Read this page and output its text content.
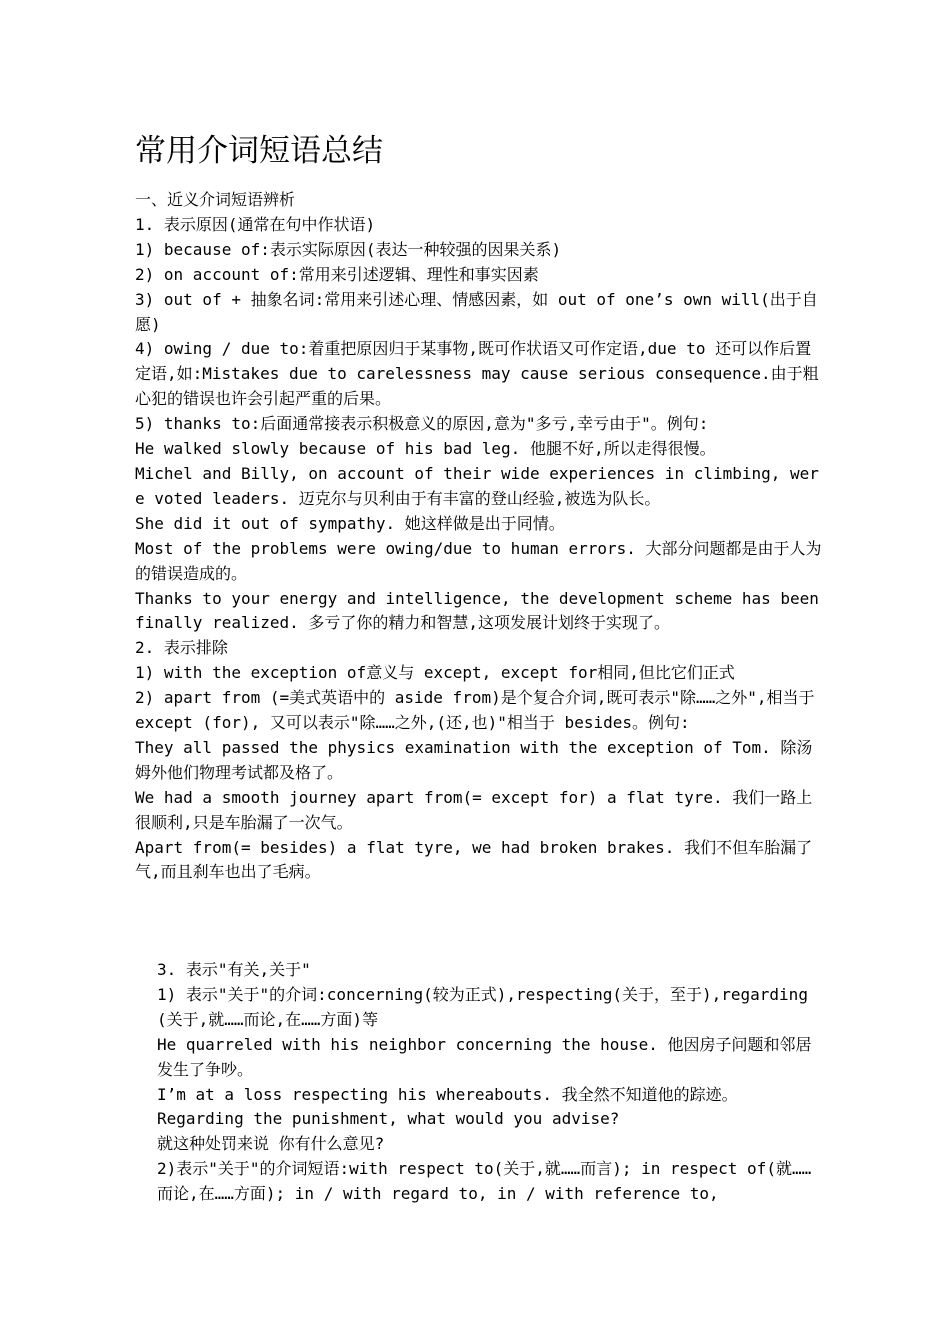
常用介词短语总结

一、近义介词短语辨析

1. 表示原因(通常在句中作状语)

1) because of:表示实际原因(表达一种较强的因果关系)

2) on account of:常用来引述逻辑、理性和事实因素

3) out of + 抽象名词:常用来引述心理、情感因素，如 out of one’s own will(出于自愿)

4) owing / due to:着重把原因归于某事物,既可作状语又可作定语,due to 还可以作后置定语,如:Mistakes due to carelessness may cause serious consequence.由于粗心犯的错误也许会引起严重的后果。

5) thanks to:后面通常接表示积极意义的原因,意为"多亏,幸亏由于"。例句:

He walked slowly because of his bad leg. 他腿不好,所以走得很慢。

Michel and Billy, on account of their wide experiences in climbing, were voted leaders. 迈克尔与贝利由于有丰富的登山经验,被选为队长。

She did it out of sympathy. 她这样做是出于同情。

Most of the problems were owing/due to human errors. 大部分问题都是由于人为的错误造成的。

Thanks to your energy and intelligence, the development scheme has been finally realized. 多亏了你的精力和智慧,这项发展计划终于实现了。

2. 表示排除

1) with the exception of意义与 except, except for相同,但比它们正式

2) apart from (=美式英语中的 aside from)是个复合介词,既可表示"除……之外",相当于 except (for), 又可以表示"除……之外,(还,也)"相当于 besides。例句:

They all passed the physics examination with the exception of Tom. 除汤姆外他们物理考试都及格了。

We had a smooth journey apart from(= except for) a flat tyre. 我们一路上很顺利,只是车胎漏了一次气。

Apart from(= besides) a flat tyre, we had broken brakes. 我们不但车胎漏了气,而且刹车也出了毛病。

3. 表示"有关,关于"

1) 表示"关于"的介词:concerning(较为正式),respecting(关于，至于),regarding(关于,就……而论,在……方面)等

He quarreled with his neighbor concerning the house. 他因房子问题和邻居发生了争吵。

I’m at a loss respecting his whereabouts. 我全然不知道他的踪迹。

Regarding the punishment, what would you advise?

就这种处罚来说 你有什么意见?

2)表示"关于"的介词短语:with respect to(关于,就……而言); in respect of(就……而论,在……方面); in / with regard to, in / with reference to,
